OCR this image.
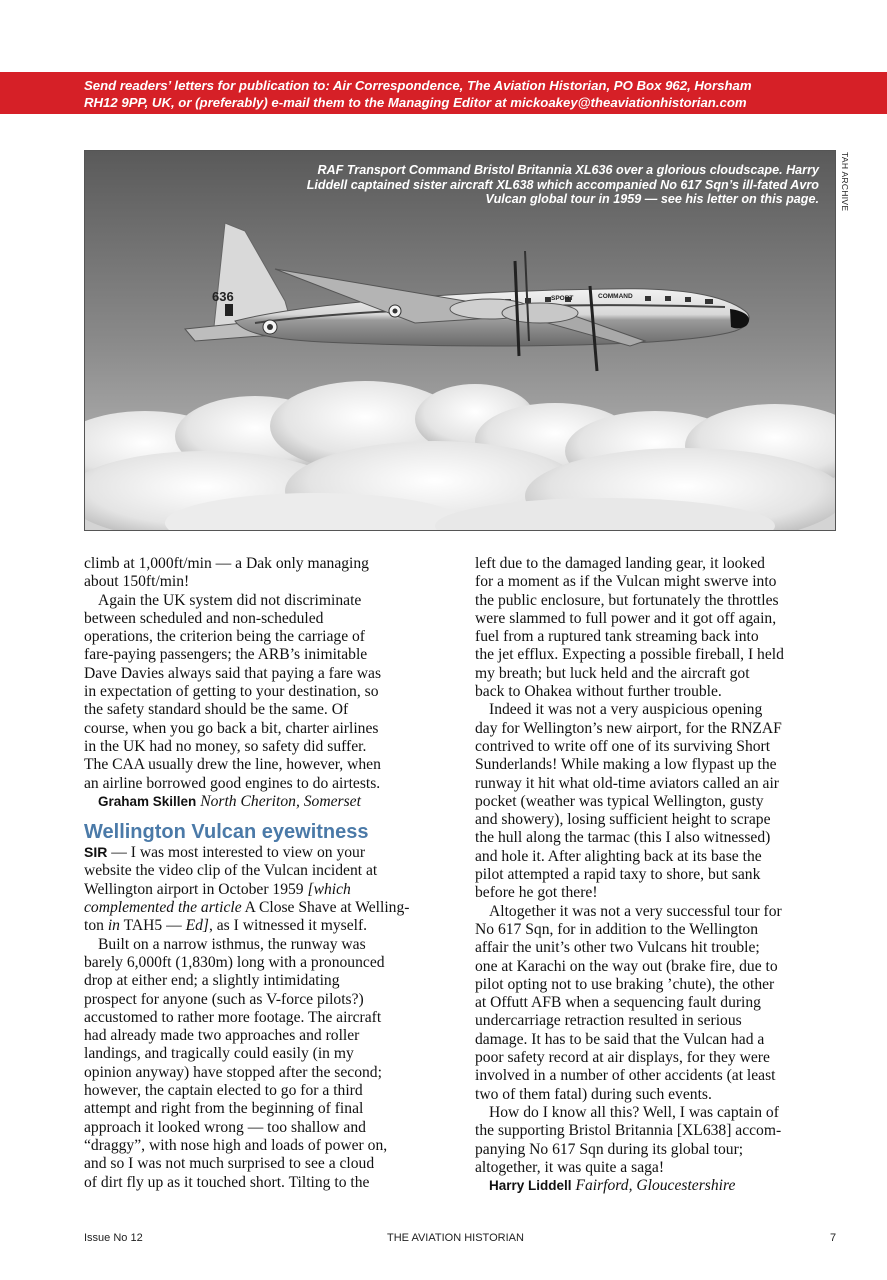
Send readers’ letters for publication to: Air Correspondence, The Aviation Historian, PO Box 962, Horsham
RH12 9PP, UK, or (preferably) e-mail them to the Managing Editor at mickoakey@theaviationhistorian.com
636	SPORT	COMMAND
RAF Transport Command Bristol Britannia XL636 over a glorious cloudscape. Harry
Liddell captained sister aircraft XL638 which accompanied No 617 Sqn’s ill-fated Avro
Vulcan global tour in 1959 — see his letter on this page. TAH ARCHIVE

climb at 1,000ft/min — a Dak only managing
about 150ft/min!

Again the UK system did not discriminate
between scheduled and non-scheduled
operations, the criterion being the carriage of
fare-paying passengers; the ARB’s inimitable
Dave Davies always said that paying a fare was
in expectation of getting to your destination, so
the safety standard should be the same. Of
course, when you go back a bit, charter airlines
in the UK had no money, so safety did suffer.
The CAA usually drew the line, however, when
an airline borrowed good engines to do airtests.

Graham Skillen North Cheriton, Somerset

Wellington Vulcan eyewitness

SIR — I was most interested to view on your
website the video clip of the Vulcan incident at
Wellington airport in October 1959 [which
complemented the article A Close Shave at Welling-
ton in TAH5 — Ed], as I witnessed it myself.

Built on a narrow isthmus, the runway was
barely 6,000ft (1,830m) long with a pronounced
drop at either end; a slightly intimidating
prospect for anyone (such as V-force pilots?)
accustomed to rather more footage. The aircraft
had already made two approaches and roller
landings, and tragically could easily (in my
opinion anyway) have stopped after the second;
however, the captain elected to go for a third
attempt and right from the beginning of final
approach it looked wrong — too shallow and
“draggy”, with nose high and loads of power on,
and so I was not much surprised to see a cloud
of dirt fly up as it touched short. Tilting to the

left due to the damaged landing gear, it looked
for a moment as if the Vulcan might swerve into
the public enclosure, but fortunately the throttles
were slammed to full power and it got off again,
fuel from a ruptured tank streaming back into
the jet efflux. Expecting a possible fireball, I held
my breath; but luck held and the aircraft got
back to Ohakea without further trouble.

Indeed it was not a very auspicious opening
day for Wellington’s new airport, for the RNZAF
contrived to write off one of its surviving Short
Sunderlands! While making a low flypast up the
runway it hit what old-time aviators called an air
pocket (weather was typical Wellington, gusty
and showery), losing sufficient height to scrape
the hull along the tarmac (this I also witnessed)
and hole it. After alighting back at its base the
pilot attempted a rapid taxy to shore, but sank
before he got there!

Altogether it was not a very successful tour for
No 617 Sqn, for in addition to the Wellington
affair the unit’s other two Vulcans hit trouble;
one at Karachi on the way out (brake fire, due to
pilot opting not to use braking ’chute), the other
at Offutt AFB when a sequencing fault during
undercarriage retraction resulted in serious
damage. It has to be said that the Vulcan had a
poor safety record at air displays, for they were
involved in a number of other accidents (at least
two of them fatal) during such events.

How do I know all this? Well, I was captain of
the supporting Bristol Britannia [XL638] accom-
panying No 617 Sqn during its global tour;
altogether, it was quite a saga!

Harry Liddell Fairford, Gloucestershire

Issue No 12	THE AVIATION HISTORIAN	7
